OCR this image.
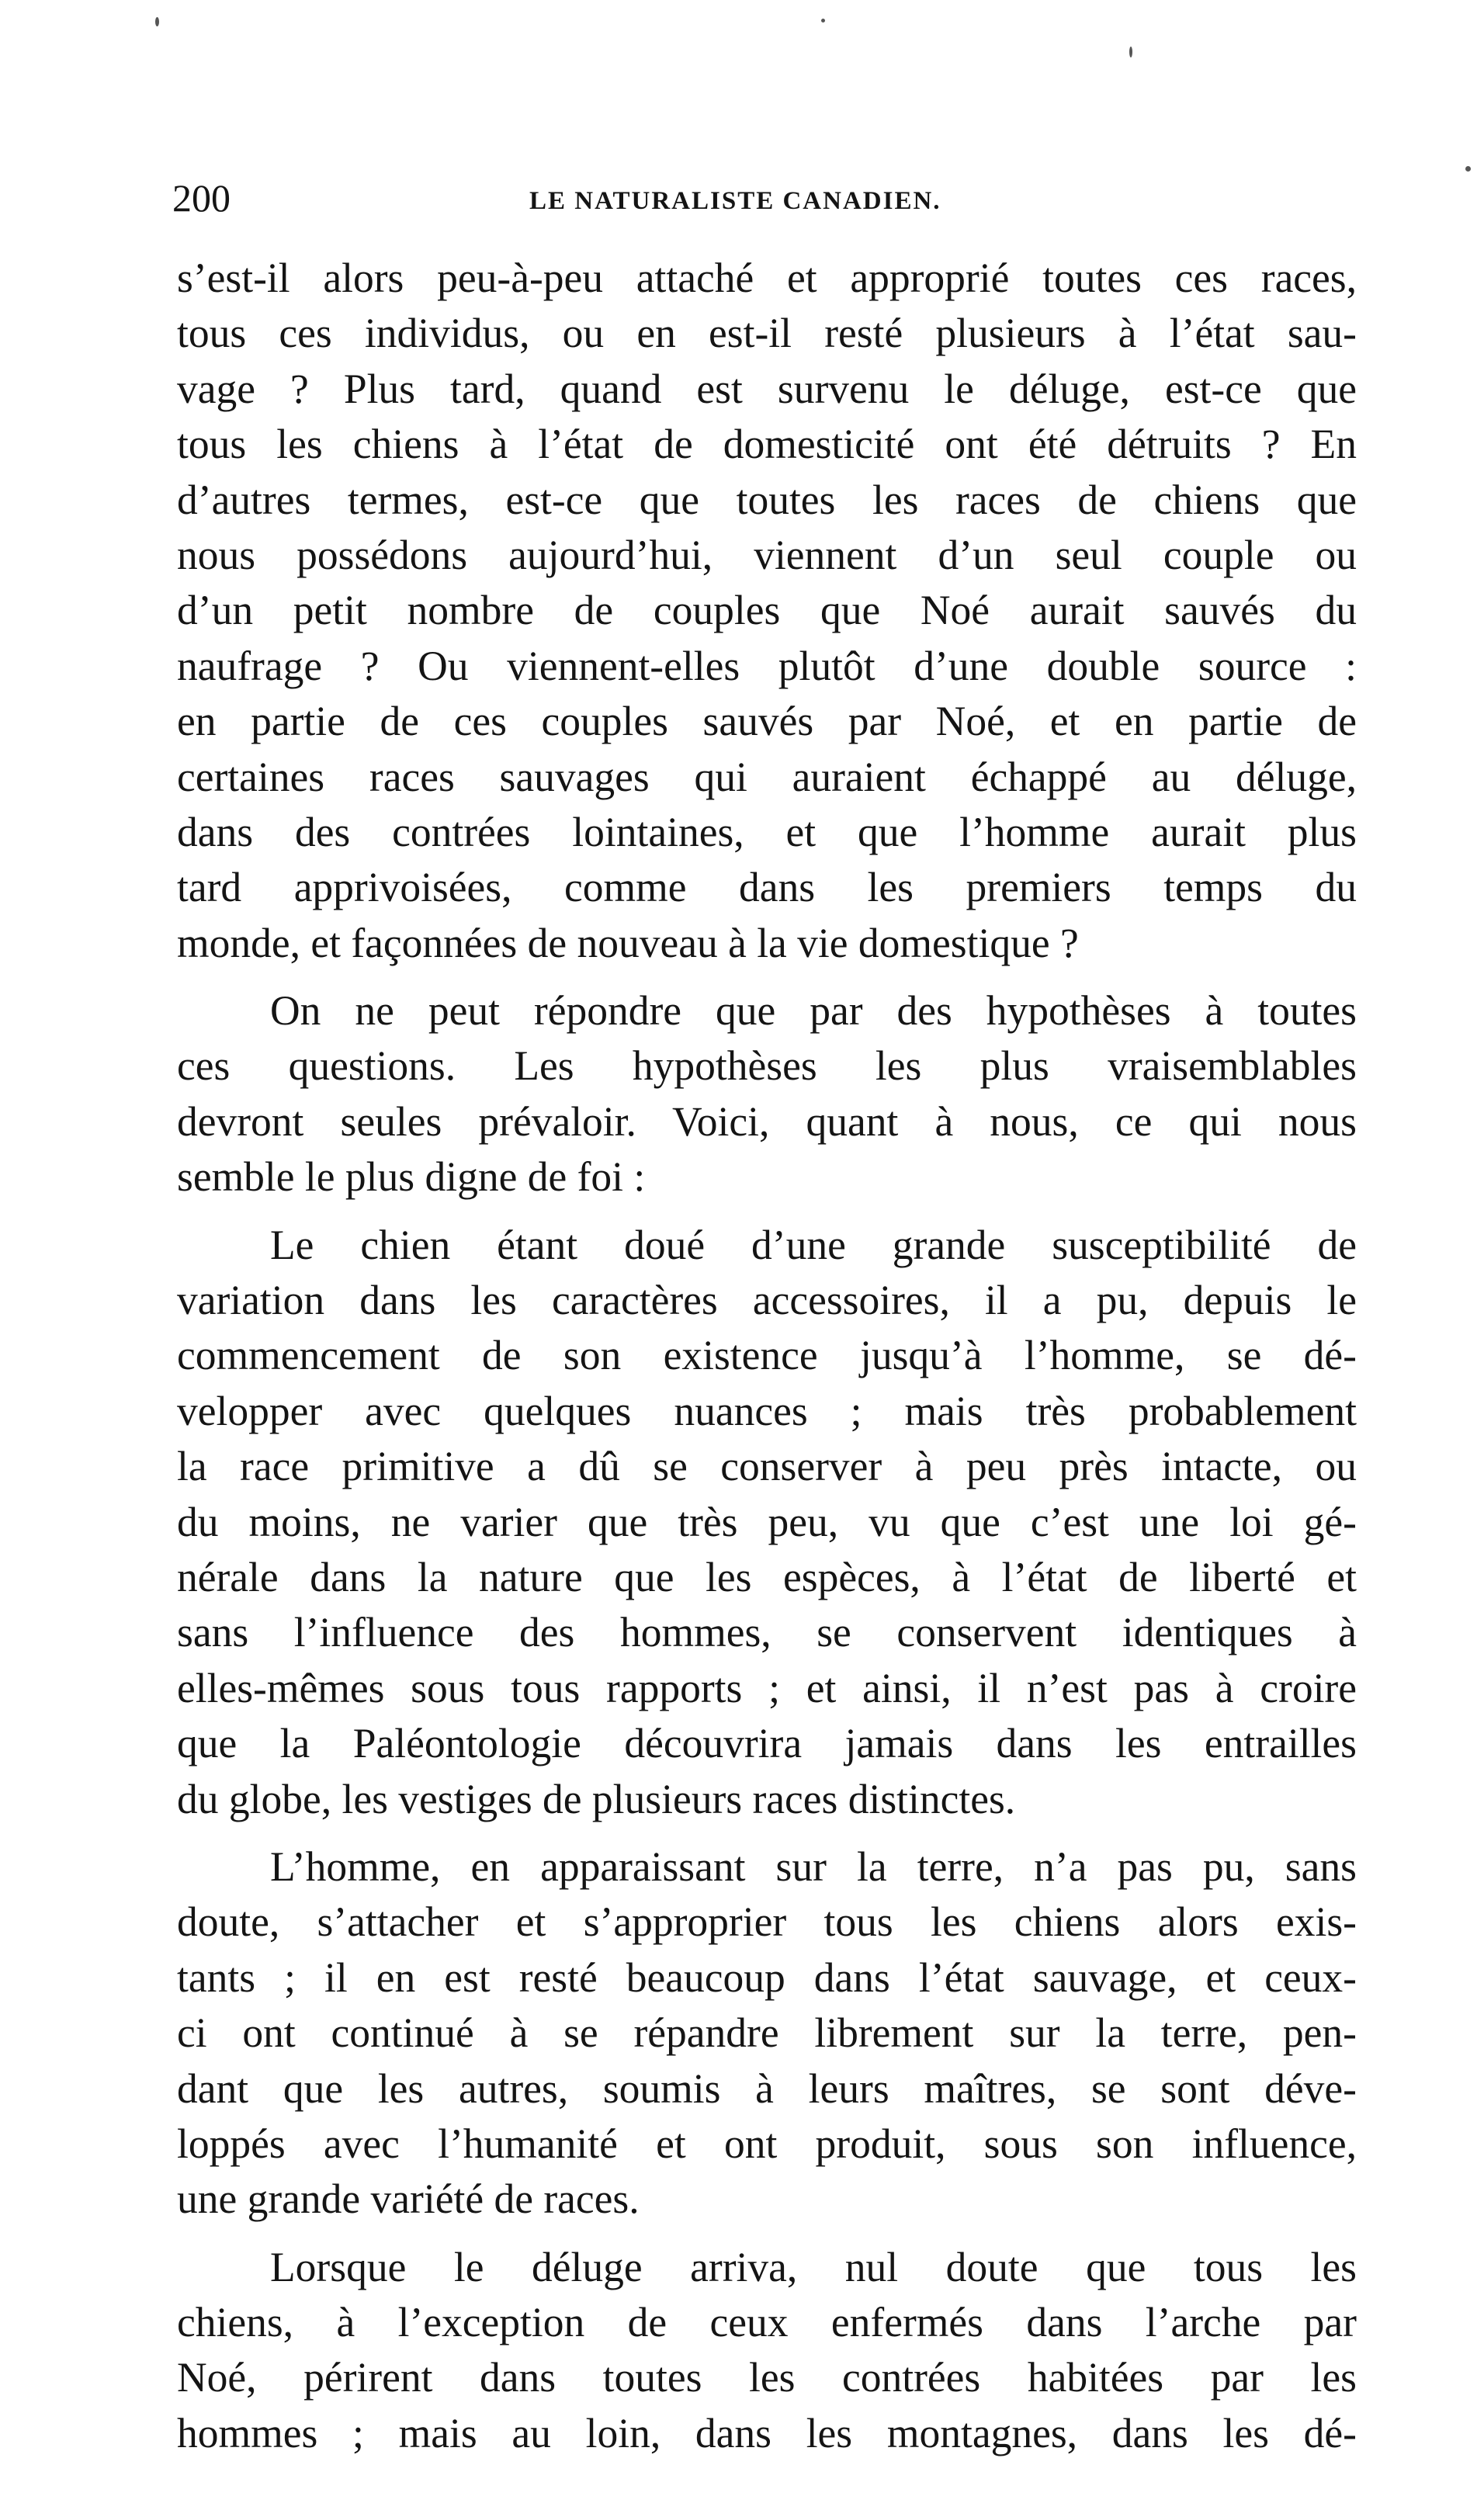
200	LE NATURALISTE CANADIEN.
s’est-il alors peu-à-peu attaché et approprié toutes ces races,
tous ces individus, ou en est-il resté plusieurs à l’état sau-
vage ? Plus tard, quand est survenu le déluge, est-ce que
tous les chiens à l’état de domesticité ont été détruits ? En
d’autres termes, est-ce que toutes les races de chiens que
nous possédons aujourd’hui, viennent d’un seul couple ou
d’un petit nombre de couples que Noé aurait sauvés du
naufrage ? Ou viennent-elles plutôt d’une double source :
en partie de ces couples sauvés par Noé, et en partie de
certaines races sauvages qui auraient échappé au déluge,
dans des contrées lointaines, et que l’homme aurait plus
tard apprivoisées, comme dans les premiers temps du
monde, et façonnées de nouveau à la vie domestique ?
On ne peut répondre que par des hypothèses à toutes
ces questions. Les hypothèses les plus vraisemblables
devront seules prévaloir. Voici, quant à nous, ce qui nous
semble le plus digne de foi :
Le chien étant doué d’une grande susceptibilité de
variation dans les caractères accessoires, il a pu, depuis le
commencement de son existence jusqu’à l’homme, se dé-
velopper avec quelques nuances ; mais très probablement
la race primitive a dû se conserver à peu près intacte, ou
du moins, ne varier que très peu, vu que c’est une loi gé-
nérale dans la nature que les espèces, à l’état de liberté et
sans l’influence des hommes, se conservent identiques à
elles-mêmes sous tous rapports ; et ainsi, il n’est pas à croire
que la Paléontologie découvrira jamais dans les entrailles
du globe, les vestiges de plusieurs races distinctes.
L’homme, en apparaissant sur la terre, n’a pas pu, sans
doute, s’attacher et s’approprier tous les chiens alors exis-
tants ; il en est resté beaucoup dans l’état sauvage, et ceux-
ci ont continué à se répandre librement sur la terre, pen-
dant que les autres, soumis à leurs maîtres, se sont déve-
loppés avec l’humanité et ont produit, sous son influence,
une grande variété de races.
Lorsque le déluge arriva, nul doute que tous les
chiens, à l’exception de ceux enfermés dans l’arche par
Noé, périrent dans toutes les contrées habitées par les
hommes ; mais au loin, dans les montagnes, dans les dé-
